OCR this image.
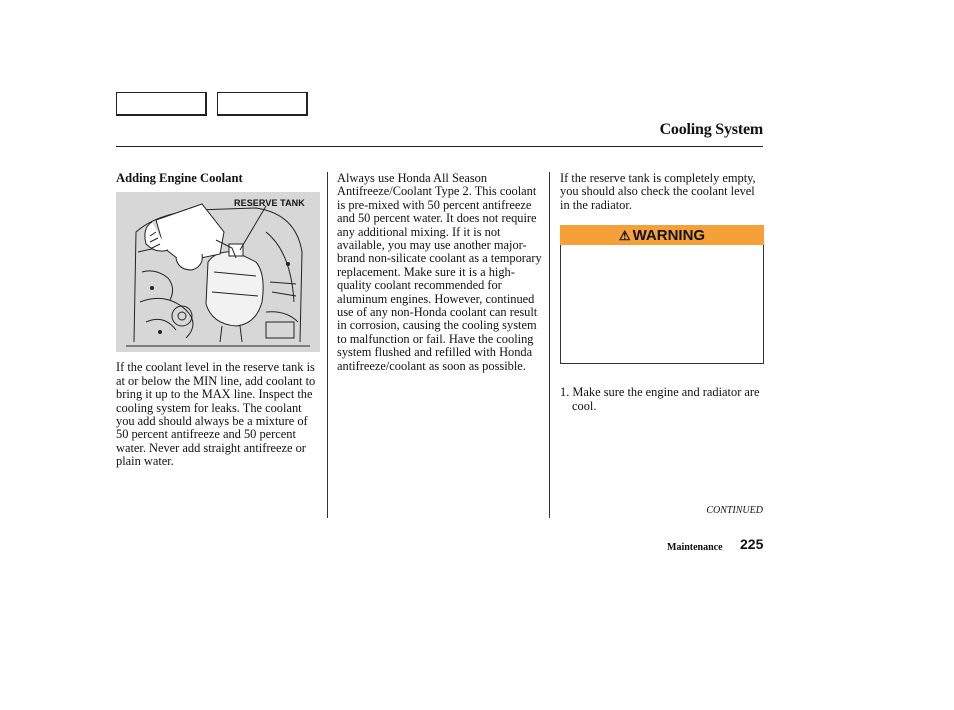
Cooling System

Adding Engine Coolant

RESERVE TANK

If the coolant level in the reserve tank is at or below the MIN line, add coolant to bring it up to the MAX line. Inspect the cooling system for leaks. The coolant you add should always be a mixture of 50 percent antifreeze and 50 percent water. Never add straight antifreeze or plain water.

Always use Honda All Season Antifreeze/Coolant Type 2. This coolant is pre-mixed with 50 percent antifreeze and 50 percent water. It does not require any additional mixing. If it is not available, you may use another major-brand non-silicate coolant as a temporary replacement. Make sure it is a high-quality coolant recommended for aluminum engines. However, continued use of any non-Honda coolant can result in corrosion, causing the cooling system to malfunction or fail. Have the cooling system flushed and refilled with Honda antifreeze/coolant as soon as possible.

If the reserve tank is completely empty, you should also check the coolant level in the radiator.

⚠ WARNING

1. Make sure the engine and radiator are cool.

CONTINUED
Maintenance 225
